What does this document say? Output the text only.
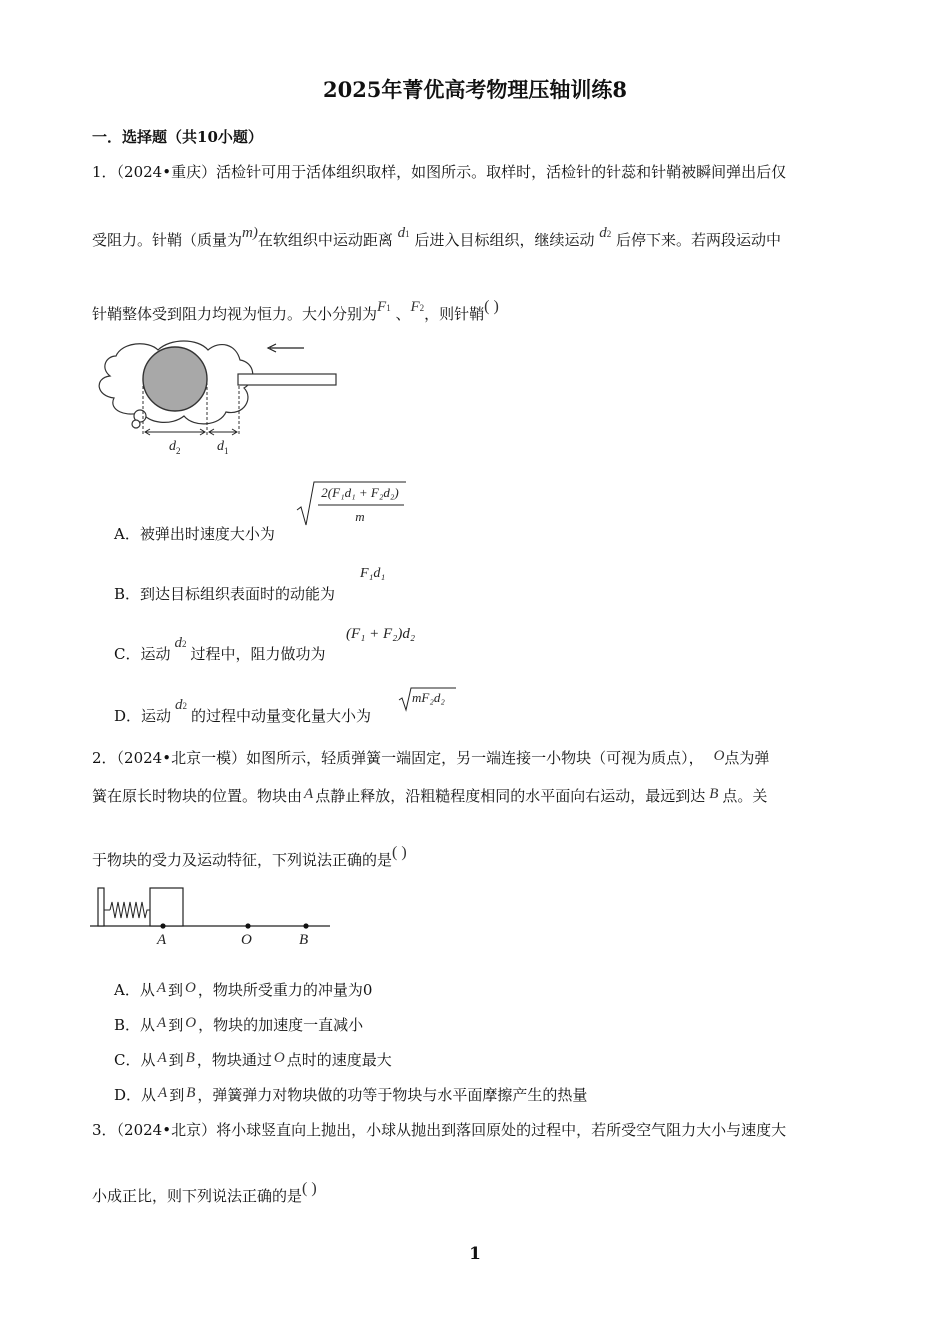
2025年菁优高考物理压轴训练8
一．选择题（共10小题）
1．（2024•重庆）活检针可用于活体组织取样，如图所示。取样时，活检针的针蕊和针鞘被瞬间弹出后仅
受阻力。针鞘（质量为m)在软组织中运动距离 d1 后进入目标组织，继续运动 d2 后停下来。若两段运动中
针鞘整体受到阻力均视为恒力。大小分别为F1 、F2，则针鞘( )
$d_2$	$d_1$
A．被弹出时速度大小为
2(F₁d₁ + F₂d₂)
m
B．到达目标组织表面时的动能为
F₁d₁
C．运动d2过程中，阻力做功为
(F₁ + F₂)d₂
D．运动d2的过程中动量变化量大小为
mF₂d₂
2．（2024•北京一模）如图所示，轻质弹簧一端固定，另一端连接一小物块（可视为质点）， O点为弹
簧在原长时物块的位置。物块由 A 点静止释放，沿粗糙程度相同的水平面向右运动，最远到达 B 点。关
于物块的受力及运动特征，下列说法正确的是( )
A	O	B
A．从 A 到 O ，物块所受重力的冲量为0
B．从 A 到 O ，物块的加速度一直减小
C．从 A 到 B ，物块通过 O 点时的速度最大
D．从 A 到 B ，弹簧弹力对物块做的功等于物块与水平面摩擦产生的热量
3．（2024•北京）将小球竖直向上抛出，小球从抛出到落回原处的过程中，若所受空气阻力大小与速度大
小成正比，则下列说法正确的是( )
1
